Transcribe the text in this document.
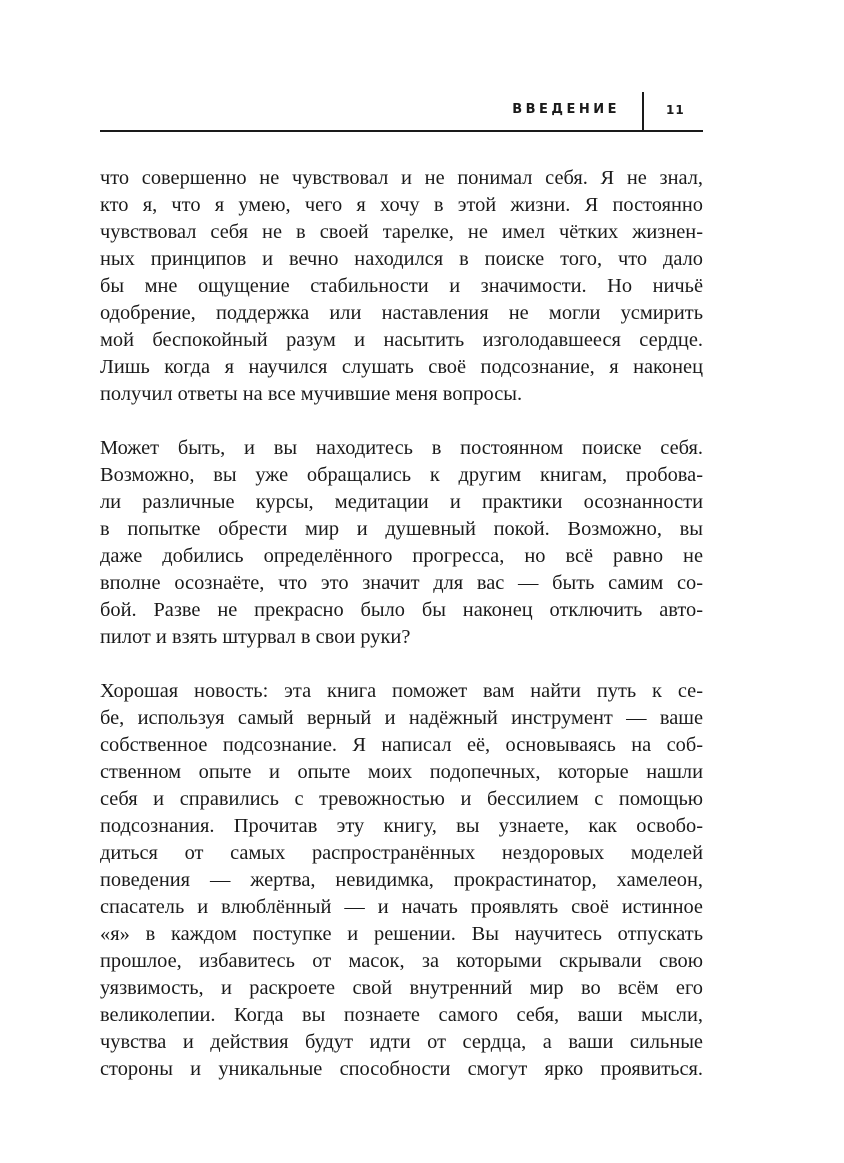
ВВЕДЕНИЕ	11
что совершенно не чувствовал и не понимал себя. Я не знал,
кто я, что я умею, чего я хочу в этой жизни. Я постоянно
чувствовал себя не в своей тарелке, не имел чётких жизнен-
ных принципов и вечно находился в поиске того, что дало
бы мне ощущение стабильности и значимости. Но ничьё
одобрение, поддержка или наставления не могли усмирить
мой беспокойный разум и насытить изголодавшееся сердце.
Лишь когда я научился слушать своё подсознание, я наконец
получил ответы на все мучившие меня вопросы.
Может быть, и вы находитесь в постоянном поиске себя.
Возможно, вы уже обращались к другим книгам, пробова-
ли различные курсы, медитации и практики осознанности
в попытке обрести мир и душевный покой. Возможно, вы
даже добились определённого прогресса, но всё равно не
вполне осознаёте, что это значит для вас — быть самим со-
бой. Разве не прекрасно было бы наконец отключить авто-
пилот и взять штурвал в свои руки?
Хорошая новость: эта книга поможет вам найти путь к се-
бе, используя самый верный и надёжный инструмент — ваше
собственное подсознание. Я написал её, основываясь на соб-
ственном опыте и опыте моих подопечных, которые нашли
себя и справились с тревожностью и бессилием с помощью
подсознания. Прочитав эту книгу, вы узнаете, как освобо-
диться от самых распространённых нездоровых моделей
поведения — жертва, невидимка, прокрастинатор, хамелеон,
спасатель и влюблённый — и начать проявлять своё истинное
«я» в каждом поступке и решении. Вы научитесь отпускать
прошлое, избавитесь от масок, за которыми скрывали свою
уязвимость, и раскроете свой внутренний мир во всём его
великолепии. Когда вы познаете самого себя, ваши мысли,
чувства и действия будут идти от сердца, а ваши сильные
стороны и уникальные способности смогут ярко проявиться.
